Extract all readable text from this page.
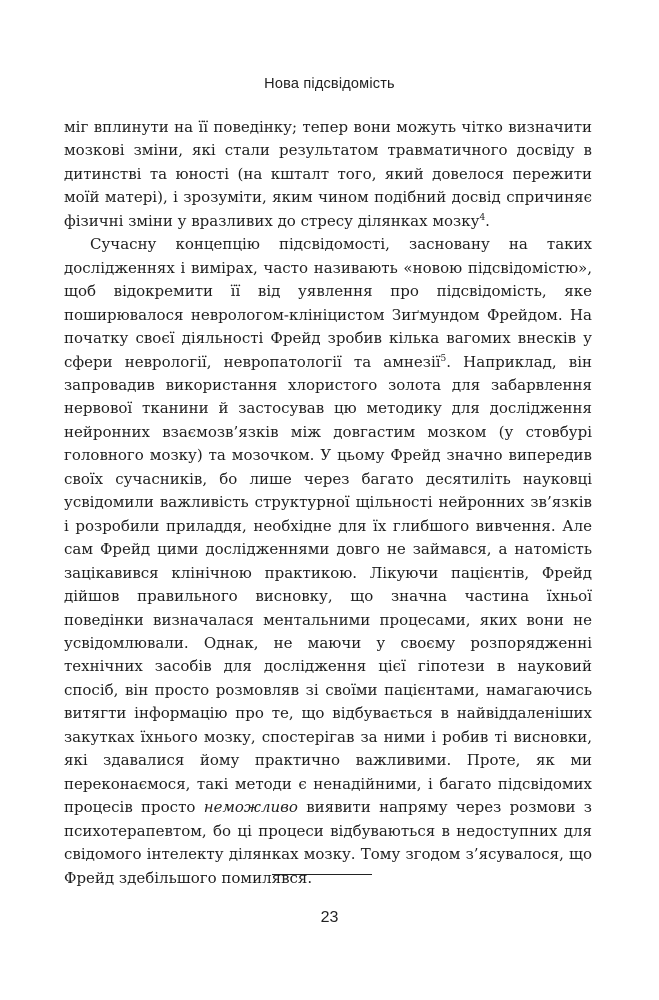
Нова підсвідомість

міг вплинути на її поведінку; тепер вони можуть чітко визначити мозкові зміни, які стали результатом травматичного досвіду в дитинстві та юності (на кшталт того, який довелося пережити моїй матері), і зрозуміти, яким чином подібний досвід спричиняє фізичні зміни у вразливих до стресу ділянках мозку$^4$.

Сучасну концепцію підсвідомості, засновану на таких дослідженнях і вимірах, часто називають «новою підсвідомістю», щоб відокремити її від уявлення про підсвідомість, яке поширювалося неврологом-клініцистом Зиґмундом Фрейдом. На початку своєї діяльності Фрейд зробив кілька вагомих внесків у сфери неврології, невропатології та амнезії$^5$. Наприклад, він запровадив використання хлористого золота для забарвлення нервової тканини й застосував цю методику для дослідження нейронних взаємозв’язків між довгастим мозком (у стовбурі головного мозку) та мозочком. У цьому Фрейд значно випередив своїх сучасників, бо лише через багато десятиліть науковці усвідомили важливість структурної щільності нейронних зв’язків і розробили приладдя, необхідне для їх глибшого вивчення. Але сам Фрейд цими дослідженнями довго не займався, а натомість зацікавився клінічною практикою. Лікуючи пацієнтів, Фрейд дійшов правильного висновку, що значна частина їхньої поведінки визначалася ментальними процесами, яких вони не усвідомлювали. Однак, не маючи у своєму розпорядженні технічних засобів для дослідження цієї гіпотези в науковий спосіб, він просто розмовляв зі своїми пацієнтами, намагаючись витягти інформацію про те, що відбувається в найвіддаленіших закутках їхнього мозку, спостерігав за ними і робив ті висновки, які здавалися йому практично важливими. Проте, як ми переконаємося, такі методи є ненадійними, і багато підсвідомих процесів просто неможливо виявити напряму через розмови з психотерапевтом, бо ці процеси відбуваються в недоступних для свідомого інтелекту ділянках мозку. Тому згодом з’ясувалося, що Фрейд здебільшого помилявся.

23
